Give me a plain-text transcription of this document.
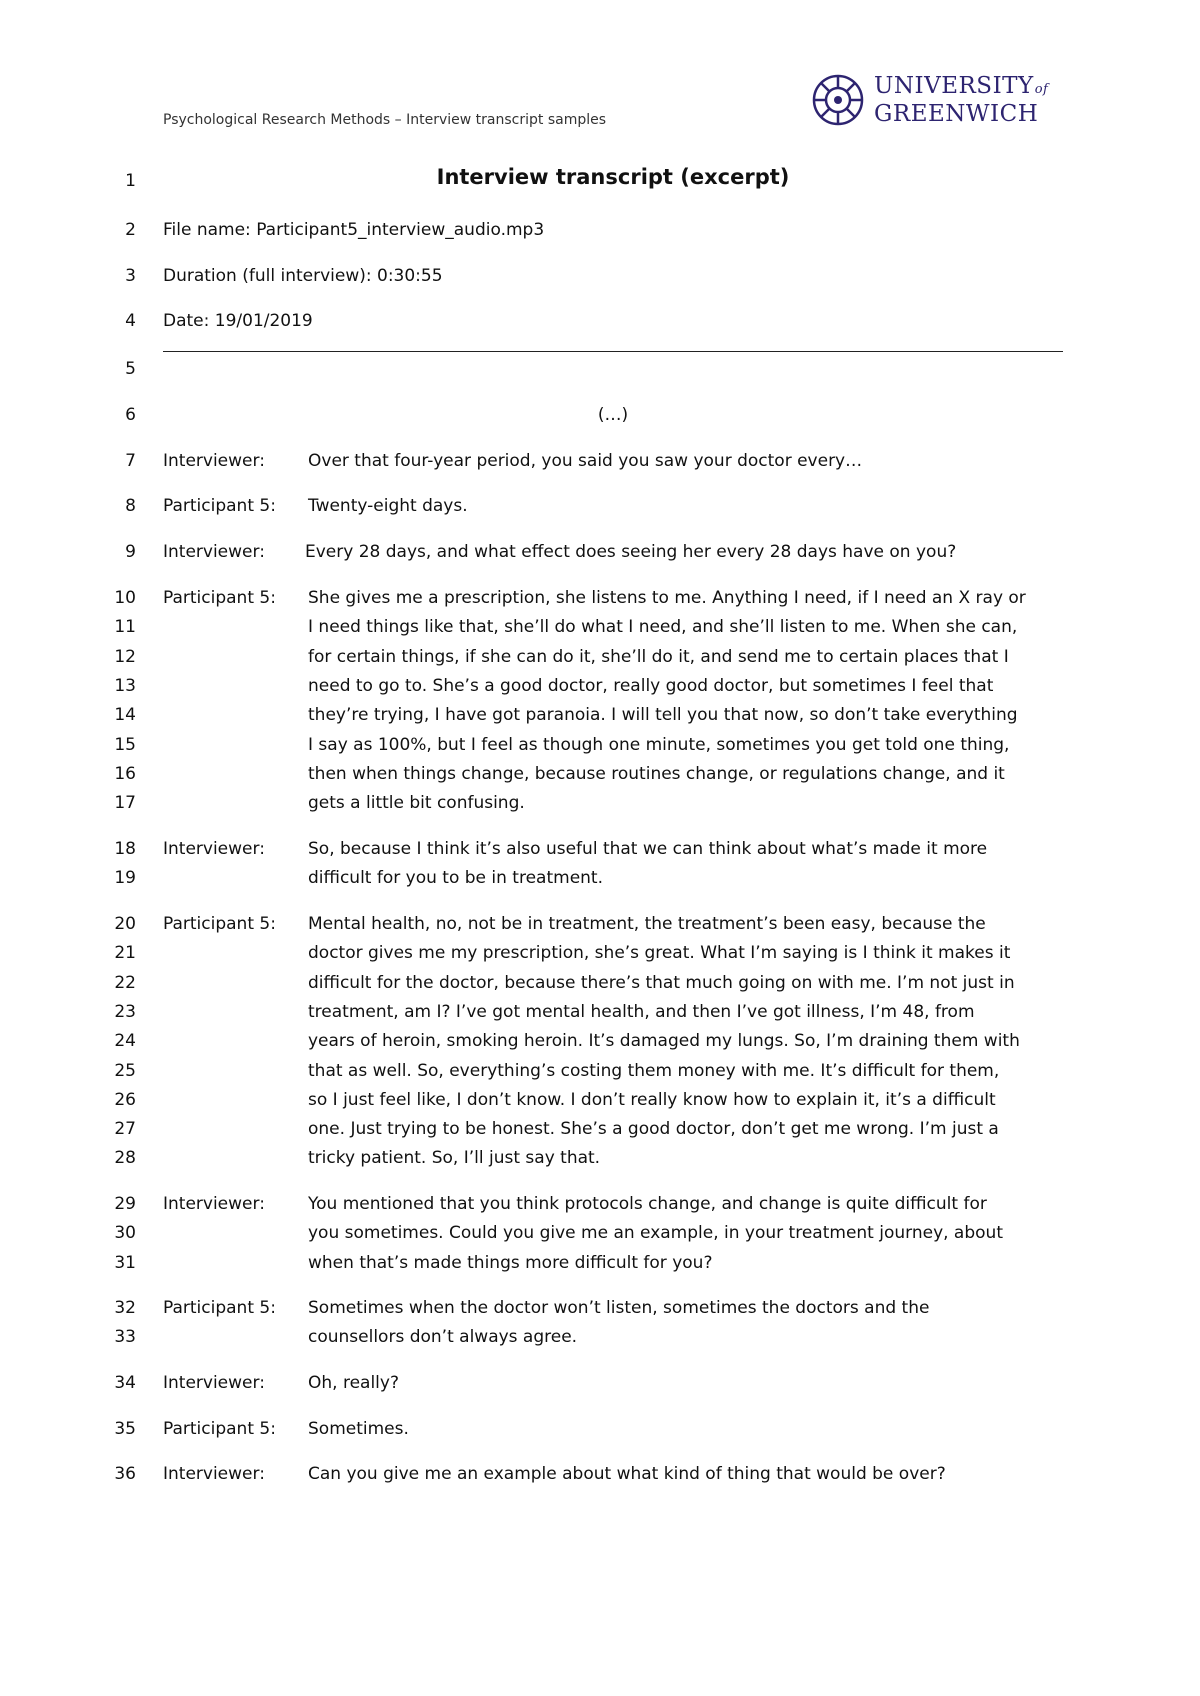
Psychological Research Methods – Interview transcript samples
UNIVERSITYof
GREENWICH
1	Interview transcript (excerpt)
2 File name: Participant5_interview_audio.mp3
3 Duration (full interview): 0:30:55
4 Date: 19/01/2019
5
6	(…)
Interviewer:
7	Over that four-year period, you said you saw your doctor every…
Participant 5:
8	Twenty-eight days.
Interviewer:
9	Every 28 days, and what effect does seeing her every 28 days have on you?
Participant 5:
10	She gives me a prescription, she listens to me. Anything I need, if I need an X ray or
11	I need things like that, she’ll do what I need, and she’ll listen to me. When she can,
12	for certain things, if she can do it, she’ll do it, and send me to certain places that I
13	need to go to. She’s a good doctor, really good doctor, but sometimes I feel that
14	they’re trying, I have got paranoia. I will tell you that now, so don’t take everything
15	I say as 100%, but I feel as though one minute, sometimes you get told one thing,
16	then when things change, because routines change, or regulations change, and it
17	gets a little bit confusing.
Interviewer:
18	So, because I think it’s also useful that we can think about what’s made it more
19	difficult for you to be in treatment.
Participant 5:
20	Mental health, no, not be in treatment, the treatment’s been easy, because the
21	doctor gives me my prescription, she’s great. What I’m saying is I think it makes it
22	difficult for the doctor, because there’s that much going on with me. I’m not just in
23	treatment, am I? I’ve got mental health, and then I’ve got illness, I’m 48, from
24	years of heroin, smoking heroin. It’s damaged my lungs. So, I’m draining them with
25	that as well. So, everything’s costing them money with me. It’s difficult for them,
26	so I just feel like, I don’t know. I don’t really know how to explain it, it’s a difficult
27	one. Just trying to be honest. She’s a good doctor, don’t get me wrong. I’m just a
28	tricky patient. So, I’ll just say that.
Interviewer:
29	You mentioned that you think protocols change, and change is quite difficult for
30	you sometimes. Could you give me an example, in your treatment journey, about
31	when that’s made things more difficult for you?
Participant 5:
32	Sometimes when the doctor won’t listen, sometimes the doctors and the
33	counsellors don’t always agree.
Interviewer:
34	Oh, really?
Participant 5:
35	Sometimes.
Interviewer:
36	Can you give me an example about what kind of thing that would be over?
